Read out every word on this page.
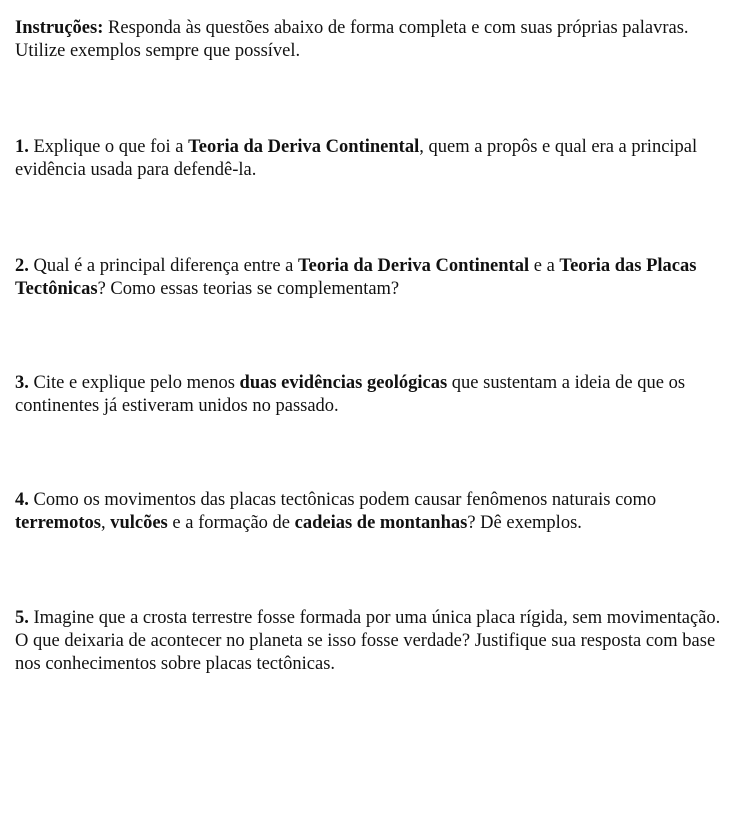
Instruções: Responda às questões abaixo de forma completa e com suas próprias palavras. Utilize exemplos sempre que possível.

1. Explique o que foi a Teoria da Deriva Continental, quem a propôs e qual era a principal evidência usada para defendê-la.

2. Qual é a principal diferença entre a Teoria da Deriva Continental e a Teoria das Placas Tectônicas? Como essas teorias se complementam?

3. Cite e explique pelo menos duas evidências geológicas que sustentam a ideia de que os continentes já estiveram unidos no passado.

4. Como os movimentos das placas tectônicas podem causar fenômenos naturais como terremotos, vulcões e a formação de cadeias de montanhas? Dê exemplos.

5. Imagine que a crosta terrestre fosse formada por uma única placa rígida, sem movimentação. O que deixaria de acontecer no planeta se isso fosse verdade? Justifique sua resposta com base nos conhecimentos sobre placas tectônicas.
